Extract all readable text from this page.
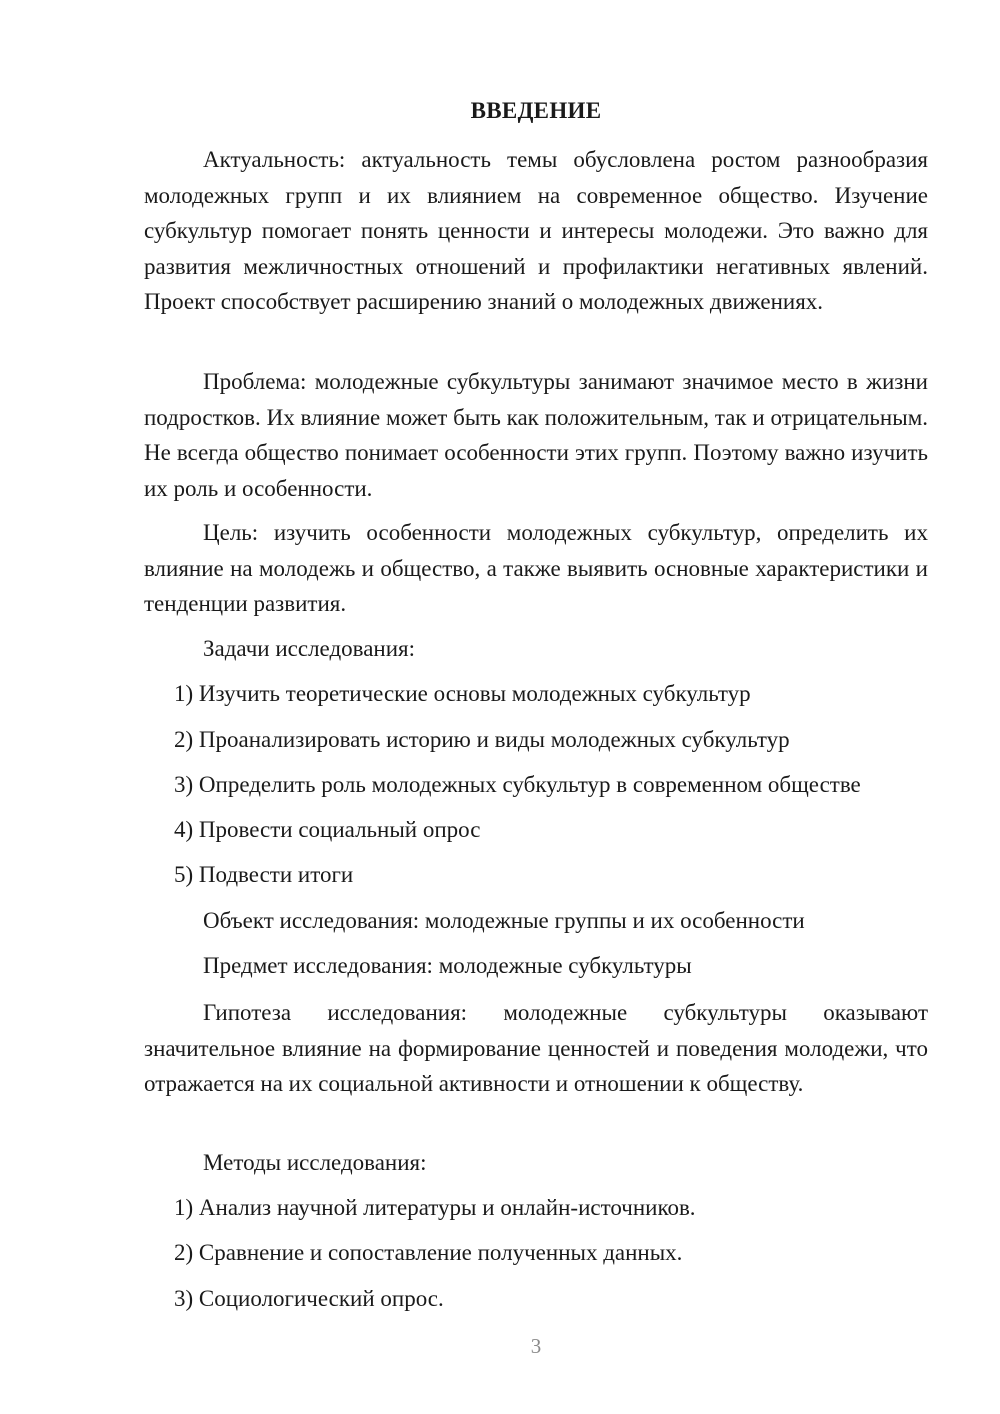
ВВЕДЕНИЕ

Актуальность: актуальность темы обусловлена ростом разнообразия молодежных групп и их влиянием на современное общество. Изучение субкультур помогает понять ценности и интересы молодежи. Это важно для развития межличностных отношений и профилактики негативных явлений. Проект способствует расширению знаний о молодежных движениях.

Проблема: молодежные субкультуры занимают значимое место в жизни подростков. Их влияние может быть как положительным, так и отрицательным. Не всегда общество понимает особенности этих групп. Поэтому важно изучить их роль и особенности.

Цель: изучить особенности молодежных субкультур, определить их влияние на молодежь и общество, а также выявить основные характеристики и тенденции развития.

Задачи исследования:

1) Изучить теоретические основы молодежных субкультур

2) Проанализировать историю и виды молодежных субкультур

3) Определить роль молодежных субкультур в современном обществе

4) Провести социальный опрос

5) Подвести итоги

Объект исследования: молодежные группы и их особенности

Предмет исследования: молодежные субкультуры

Гипотеза исследования: молодежные субкультуры оказывают значительное влияние на формирование ценностей и поведения молодежи, что отражается на их социальной активности и отношении к обществу.

Методы исследования:

1) Анализ научной литературы и онлайн-источников.

2) Сравнение и сопоставление полученных данных.

3) Социологический опрос.

3
